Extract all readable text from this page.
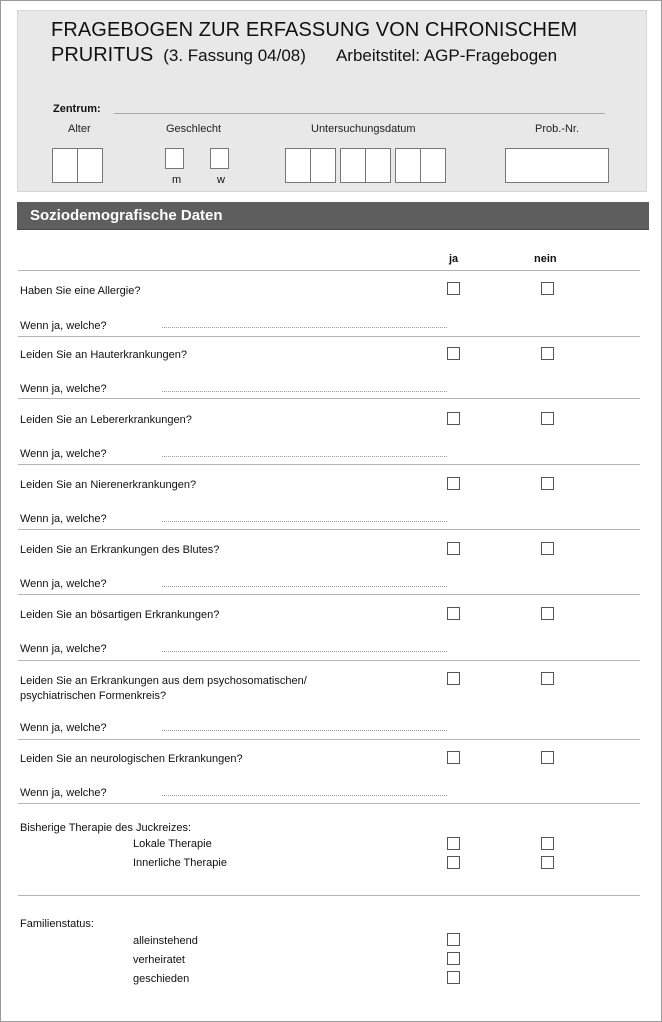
FRAGEBOGEN ZUR ERFASSUNG VON CHRONISCHEM
PRURITUS (3. Fassung 04/08) Arbeitstitel: AGP-Fragebogen
Zentrum:
Alter	Geschlecht	Untersuchungsdatum	Prob.-Nr.
m	w
Soziodemografische Daten
ja	nein
Haben Sie eine Allergie?
Wenn ja, welche?
Leiden Sie an Hauterkrankungen?
Wenn ja, welche?
Leiden Sie an Lebererkrankungen?
Wenn ja, welche?
Leiden Sie an Nierenerkrankungen?
Wenn ja, welche?
Leiden Sie an Erkrankungen des Blutes?
Wenn ja, welche?
Leiden Sie an bösartigen Erkrankungen?
Wenn ja, welche?
Leiden Sie an Erkrankungen aus dem psychosomatischen/
psychiatrischen Formenkreis?
Wenn ja, welche?
Leiden Sie an neurologischen Erkrankungen?
Wenn ja, welche?
Bisherige Therapie des Juckreizes:
Lokale Therapie
Innerliche Therapie
Familienstatus:
alleinstehend
verheiratet
geschieden
